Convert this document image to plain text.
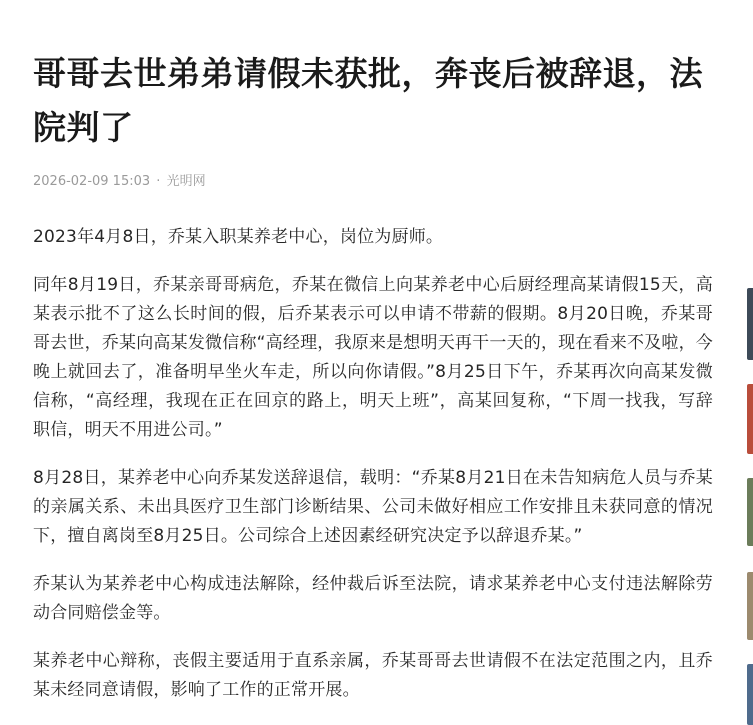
哥哥去世弟弟请假未获批，奔丧后被辞退，法院判了
2026-02-09 15:03 · 光明网

2023年4月8日，乔某入职某养老中心，岗位为厨师。

同年8月19日，乔某亲哥哥病危，乔某在微信上向某养老中心后厨经理高某请假15天，高某表示批不了这么长时间的假，后乔某表示可以申请不带薪的假期。8月20日晚，乔某哥哥去世，乔某向高某发微信称“高经理，我原来是想明天再干一天的，现在看来不及啦，今晚上就回去了，准备明早坐火车走，所以向你请假。”8月25日下午，乔某再次向高某发微信称，“高经理，我现在正在回京的路上，明天上班”，高某回复称，“下周一找我，写辞职信，明天不用进公司。”

8月28日，某养老中心向乔某发送辞退信，载明：“乔某8月21日在未告知病危人员与乔某的亲属关系、未出具医疗卫生部门诊断结果、公司未做好相应工作安排且未获同意的情况下，擅自离岗至8月25日。公司综合上述因素经研究决定予以辞退乔某。”

乔某认为某养老中心构成违法解除，经仲裁后诉至法院，请求某养老中心支付违法解除劳动合同赔偿金等。

某养老中心辩称，丧假主要适用于直系亲属，乔某哥哥去世请假不在法定范围之内，且乔某未经同意请假，影响了工作的正常开展。
